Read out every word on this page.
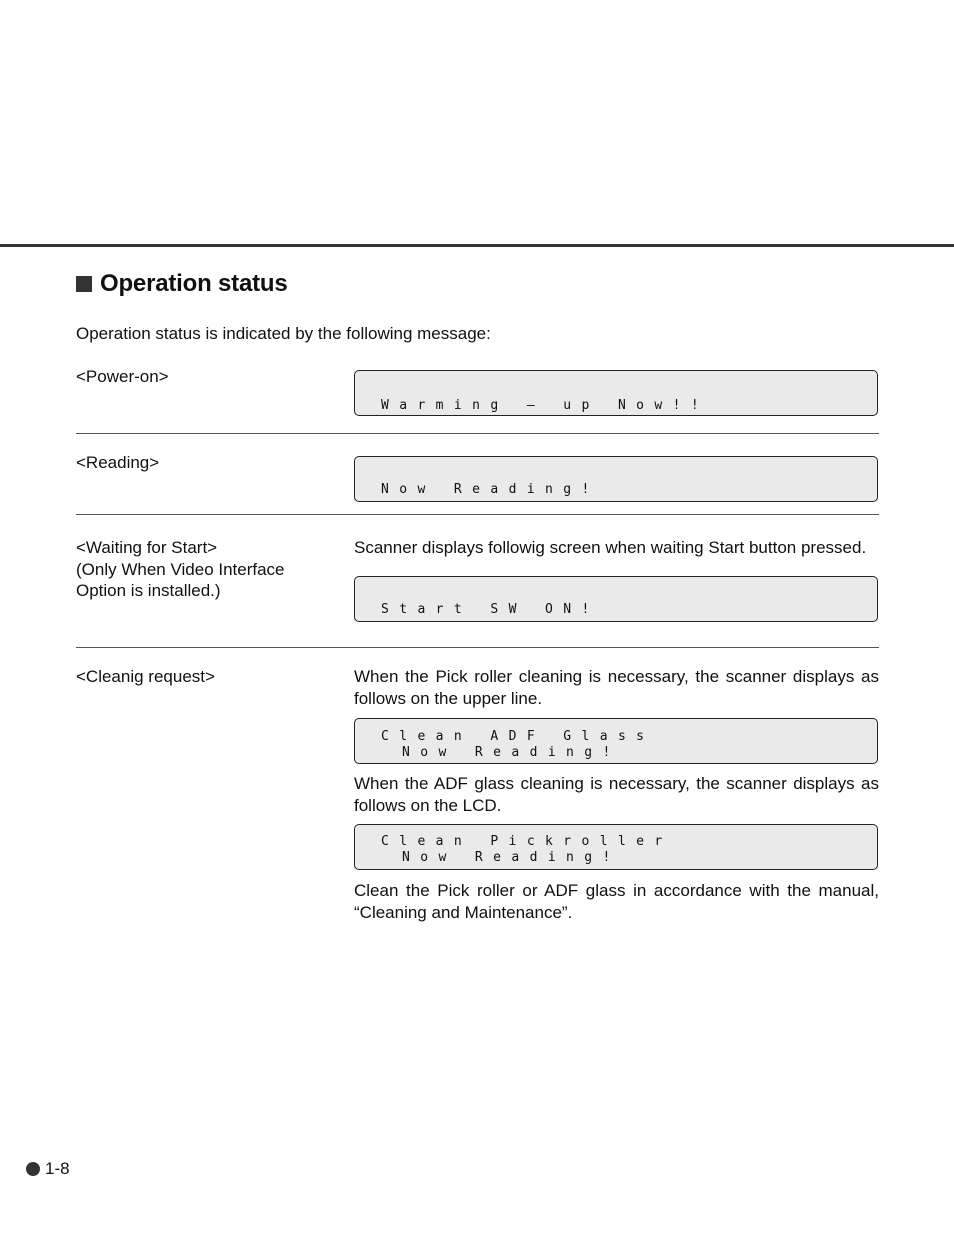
Operation status
Operation status is indicated by the following message:
<Power-on>
Warming – up Now!!
<Reading>
Now Reading!
<Waiting for Start>
(Only When Video Interface
Option is installed.)
Scanner displays followig screen when waiting Start button pressed.
Start SW ON!
<Cleanig request>	When the Pick roller cleaning is necessary, the scanner displays as follows on the upper line.
Clean ADF Glass
Now Reading!
When the ADF glass cleaning is necessary, the scanner displays as follows on the LCD.
Clean Pickroller
Now Reading!
Clean the Pick roller or ADF glass in accordance with the manual, “Cleaning and Maintenance”.
1-8
